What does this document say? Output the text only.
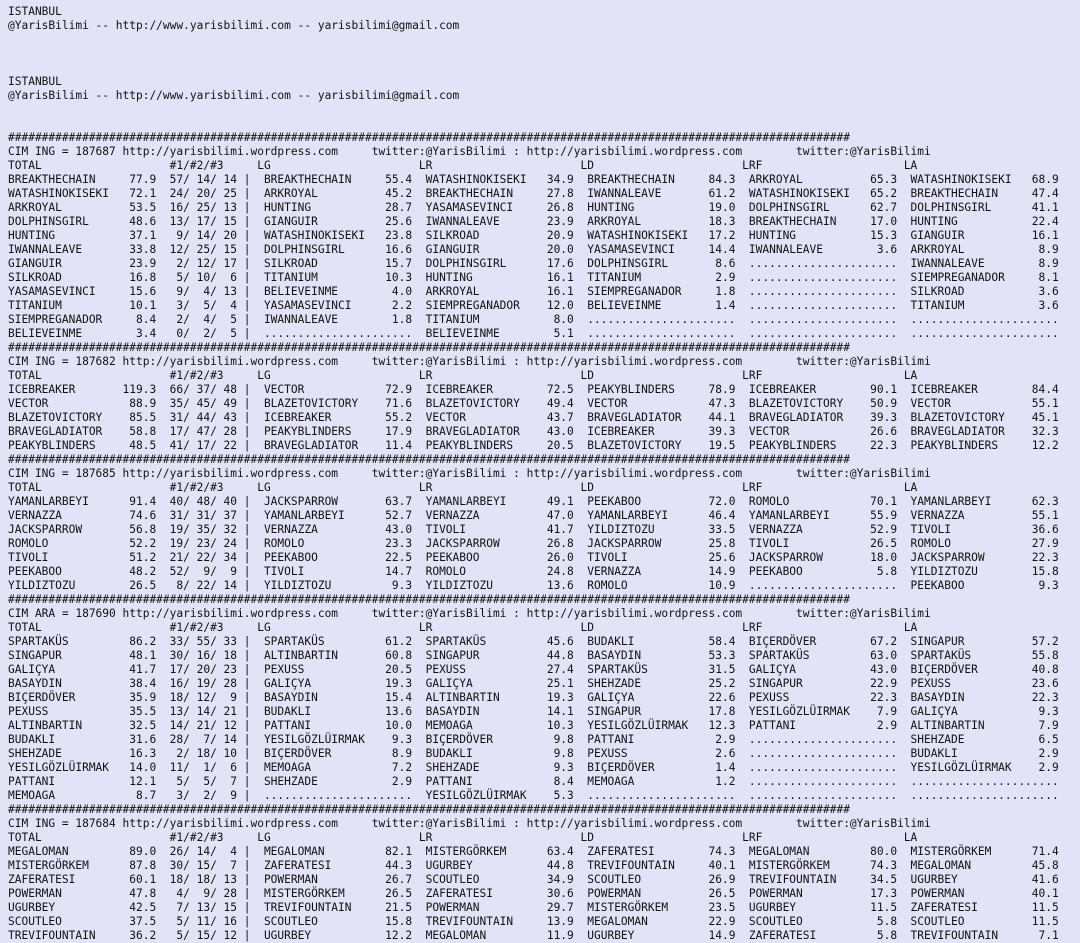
ISTANBUL
@YarisBilimi -- http://www.yarisbilimi.com -- yarisbilimi@gmail.com

ISTANBUL
@YarisBilimi -- http://www.yarisbilimi.com -- yarisbilimi@gmail.com

#############################################################################################################################
CIM ING = 187687 http://yarisbilimi.wordpress.com     twitter:@YarisBilimi : http://yarisbilimi.wordpress.com        twitter:@YarisBilimi
TOTAL                   #1/#2/#3     LG                      LR                      LD                      LRF                     LA
BREAKTHECHAIN     77.9  57/ 14/ 14 |  BREAKTHECHAIN     55.4  WATASHINOKISEKI   34.9  BREAKTHECHAIN     84.3  ARKROYAL          65.3  WATASHINOKISEKI   68.9
WATASHINOKISEKI   72.1  24/ 20/ 25 |  ARKROYAL          45.2  BREAKTHECHAIN     27.8  IWANNALEAVE       61.2  WATASHINOKISEKI   65.2  BREAKTHECHAIN     47.4
ARKROYAL          53.5  16/ 25/ 13 |  HUNTING           28.7  YASAMASEVINCI     26.8  HUNTING           19.0  DOLPHINSGIRL      62.7  DOLPHINSGIRL      41.1
DOLPHINSGIRL      48.6  13/ 17/ 15 |  GIANGUIR          25.6  IWANNALEAVE       23.9  ARKROYAL          18.3  BREAKTHECHAIN     17.0  HUNTING           22.4
HUNTING           37.1   9/ 14/ 20 |  WATASHINOKISEKI   23.8  SILKROAD          20.9  WATASHINOKISEKI   17.2  HUNTING           15.3  GIANGUIR          16.1
IWANNALEAVE       33.8  12/ 25/ 15 |  DOLPHINSGIRL      16.6  GIANGUIR          20.0  YASAMASEVINCI     14.4  IWANNALEAVE        3.6  ARKROYAL           8.9
GIANGUIR          23.9   2/ 12/ 17 |  SILKROAD          15.7  DOLPHINSGIRL      17.6  DOLPHINSGIRL       8.6  ......................  IWANNALEAVE        8.9
SILKROAD          16.8   5/ 10/  6 |  TITANIUM          10.3  HUNTING           16.1  TITANIUM           2.9  ......................  SIEMPREGANADOR     8.1
YASAMASEVINCI     15.6   9/  4/ 13 |  BELIEVEINME        4.0  ARKROYAL          16.1  SIEMPREGANADOR     1.8  ......................  SILKROAD           3.6
TITANIUM          10.1   3/  5/  4 |  YASAMASEVINCI      2.2  SIEMPREGANADOR    12.0  BELIEVEINME        1.4  ......................  TITANIUM           3.6
SIEMPREGANADOR     8.4   2/  4/  5 |  IWANNALEAVE        1.8  TITANIUM           8.0  ......................  ......................  ......................
BELIEVEINME        3.4   0/  2/  5 |  ......................  BELIEVEINME        5.1  ......................  ......................  ......................
#############################################################################################################################
CIM ING = 187682 http://yarisbilimi.wordpress.com     twitter:@YarisBilimi : http://yarisbilimi.wordpress.com        twitter:@YarisBilimi
TOTAL                   #1/#2/#3     LG                      LR                      LD                      LRF                     LA
ICEBREAKER       119.3  66/ 37/ 48 |  VECTOR            72.9  ICEBREAKER        72.5  PEAKYBLINDERS     78.9  ICEBREAKER        90.1  ICEBREAKER        84.4
VECTOR            88.9  35/ 45/ 49 |  BLAZETOVICTORY    71.6  BLAZETOVICTORY    49.4  VECTOR            47.3  BLAZETOVICTORY    50.9  VECTOR            55.1
BLAZETOVICTORY    85.5  31/ 44/ 43 |  ICEBREAKER        55.2  VECTOR            43.7  BRAVEGLADIATOR    44.1  BRAVEGLADIATOR    39.3  BLAZETOVICTORY    45.1
BRAVEGLADIATOR    58.8  17/ 47/ 28 |  PEAKYBLINDERS     17.9  BRAVEGLADIATOR    43.0  ICEBREAKER        39.3  VECTOR            26.6  BRAVEGLADIATOR    32.3
PEAKYBLINDERS     48.5  41/ 17/ 22 |  BRAVEGLADIATOR    11.4  PEAKYBLINDERS     20.5  BLAZETOVICTORY    19.5  PEAKYBLINDERS     22.3  PEAKYBLINDERS     12.2
#############################################################################################################################
CIM ING = 187685 http://yarisbilimi.wordpress.com     twitter:@YarisBilimi : http://yarisbilimi.wordpress.com        twitter:@YarisBilimi
TOTAL                   #1/#2/#3     LG                      LR                      LD                      LRF                     LA
YAMANLARBEYI      91.4  40/ 48/ 40 |  JACKSPARROW       63.7  YAMANLARBEYI      49.1  PEEKABOO          72.0  ROMOLO            70.1  YAMANLARBEYI      62.3
VERNAZZA          74.6  31/ 31/ 37 |  YAMANLARBEYI      52.7  VERNAZZA          47.0  YAMANLARBEYI      46.4  YAMANLARBEYI      55.9  VERNAZZA          55.1
JACKSPARROW       56.8  19/ 35/ 32 |  VERNAZZA          43.0  TIVOLI            41.7  YILDIZTOZU        33.5  VERNAZZA          52.9  TIVOLI            36.6
ROMOLO            52.2  19/ 23/ 24 |  ROMOLO            23.3  JACKSPARROW       26.8  JACKSPARROW       25.8  TIVOLI            26.5  ROMOLO            27.9
TIVOLI            51.2  21/ 22/ 34 |  PEEKABOO          22.5  PEEKABOO          26.0  TIVOLI            25.6  JACKSPARROW       18.0  JACKSPARROW       22.3
PEEKABOO          48.2  52/  9/  9 |  TIVOLI            14.7  ROMOLO            24.8  VERNAZZA          14.9  PEEKABOO           5.8  YILDIZTOZU        15.8
YILDIZTOZU        26.5   8/ 22/ 14 |  YILDIZTOZU         9.3  YILDIZTOZU        13.6  ROMOLO            10.9  ......................  PEEKABOO           9.3
#############################################################################################################################
CIM ARA = 187690 http://yarisbilimi.wordpress.com     twitter:@YarisBilimi : http://yarisbilimi.wordpress.com        twitter:@YarisBilimi
TOTAL                   #1/#2/#3     LG                      LR                      LD                      LRF                     LA
SPARTAKÜS         86.2  33/ 55/ 33 |  SPARTAKÜS         61.2  SPARTAKÜS         45.6  BUDAKLI           58.4  BIÇERDÖVER        67.2  SINGAPUR          57.2
SINGAPUR          48.1  30/ 16/ 18 |  ALTINBARTIN       60.8  SINGAPUR          44.8  BASAYDIN          53.3  SPARTAKÜS         63.0  SPARTAKÜS         55.8
GALIÇYA           41.7  17/ 20/ 23 |  PEXUSS            20.5  PEXUSS            27.4  SPARTAKÜS         31.5  GALIÇYA           43.0  BIÇERDÖVER        40.8
BASAYDIN          38.4  16/ 19/ 28 |  GALIÇYA           19.3  GALIÇYA           25.1  SHEHZADE          25.2  SINGAPUR          22.9  PEXUSS            23.6
BIÇERDÖVER        35.9  18/ 12/  9 |  BASAYDIN          15.4  ALTINBARTIN       19.3  GALIÇYA           22.6  PEXUSS            22.3  BASAYDIN          22.3
PEXUSS            35.5  13/ 14/ 21 |  BUDAKLI           13.6  BASAYDIN          14.1  SINGAPUR          17.8  YESILGÖZLÜIRMAK    7.9  GALIÇYA            9.3
ALTINBARTIN       32.5  14/ 21/ 12 |  PATTANI           10.0  MEMOAGA           10.3  YESILGÖZLÜIRMAK   12.3  PATTANI            2.9  ALTINBARTIN        7.9
BUDAKLI           31.6  28/  7/ 14 |  YESILGÖZLÜIRMAK    9.3  BIÇERDÖVER         9.8  PATTANI            2.9  ......................  SHEHZADE           6.5
SHEHZADE          16.3   2/ 18/ 10 |  BIÇERDÖVER         8.9  BUDAKLI            9.8  PEXUSS             2.6  ......................  BUDAKLI            2.9
YESILGÖZLÜIRMAK   14.0  11/  1/  6 |  MEMOAGA            7.2  SHEHZADE           9.3  BIÇERDÖVER         1.4  ......................  YESILGÖZLÜIRMAK    2.9
PATTANI           12.1   5/  5/  7 |  SHEHZADE           2.9  PATTANI            8.4  MEMOAGA            1.2  ......................  ......................
MEMOAGA            8.7   3/  2/  9 |  ......................  YESILGÖZLÜIRMAK    5.3  ......................  ......................  ......................
#############################################################################################################################
CIM ING = 187684 http://yarisbilimi.wordpress.com     twitter:@YarisBilimi : http://yarisbilimi.wordpress.com        twitter:@YarisBilimi
TOTAL                   #1/#2/#3     LG                      LR                      LD                      LRF                     LA
MEGALOMAN         89.0  26/ 14/  4 |  MEGALOMAN         82.1  MISTERGÖRKEM      63.4  ZAFERATESI        74.3  MEGALOMAN         80.0  MISTERGÖRKEM      71.4
MISTERGÖRKEM      87.8  30/ 15/  7 |  ZAFERATESI        44.3  UGURBEY           44.8  TREVIFOUNTAIN     40.1  MISTERGÖRKEM      74.3  MEGALOMAN         45.8
ZAFERATESI        60.1  18/ 18/ 13 |  POWERMAN          26.7  SCOUTLEO          34.9  SCOUTLEO          26.9  TREVIFOUNTAIN     34.5  UGURBEY           41.6
POWERMAN          47.8   4/  9/ 28 |  MISTERGÖRKEM      26.5  ZAFERATESI        30.6  POWERMAN          26.5  POWERMAN          17.3  POWERMAN          40.1
UGURBEY           42.5   7/ 13/ 15 |  TREVIFOUNTAIN     21.5  POWERMAN          29.7  MISTERGÖRKEM      23.5  UGURBEY           11.5  ZAFERATESI        11.5
SCOUTLEO          37.5   5/ 11/ 16 |  SCOUTLEO          15.8  TREVIFOUNTAIN     13.9  MEGALOMAN         22.9  SCOUTLEO           5.8  SCOUTLEO          11.5
TREVIFOUNTAIN     36.2   5/ 15/ 12 |  UGURBEY           12.2  MEGALOMAN         11.9  UGURBEY           14.9  ZAFERATESI         5.8  TREVIFOUNTAIN      7.1
